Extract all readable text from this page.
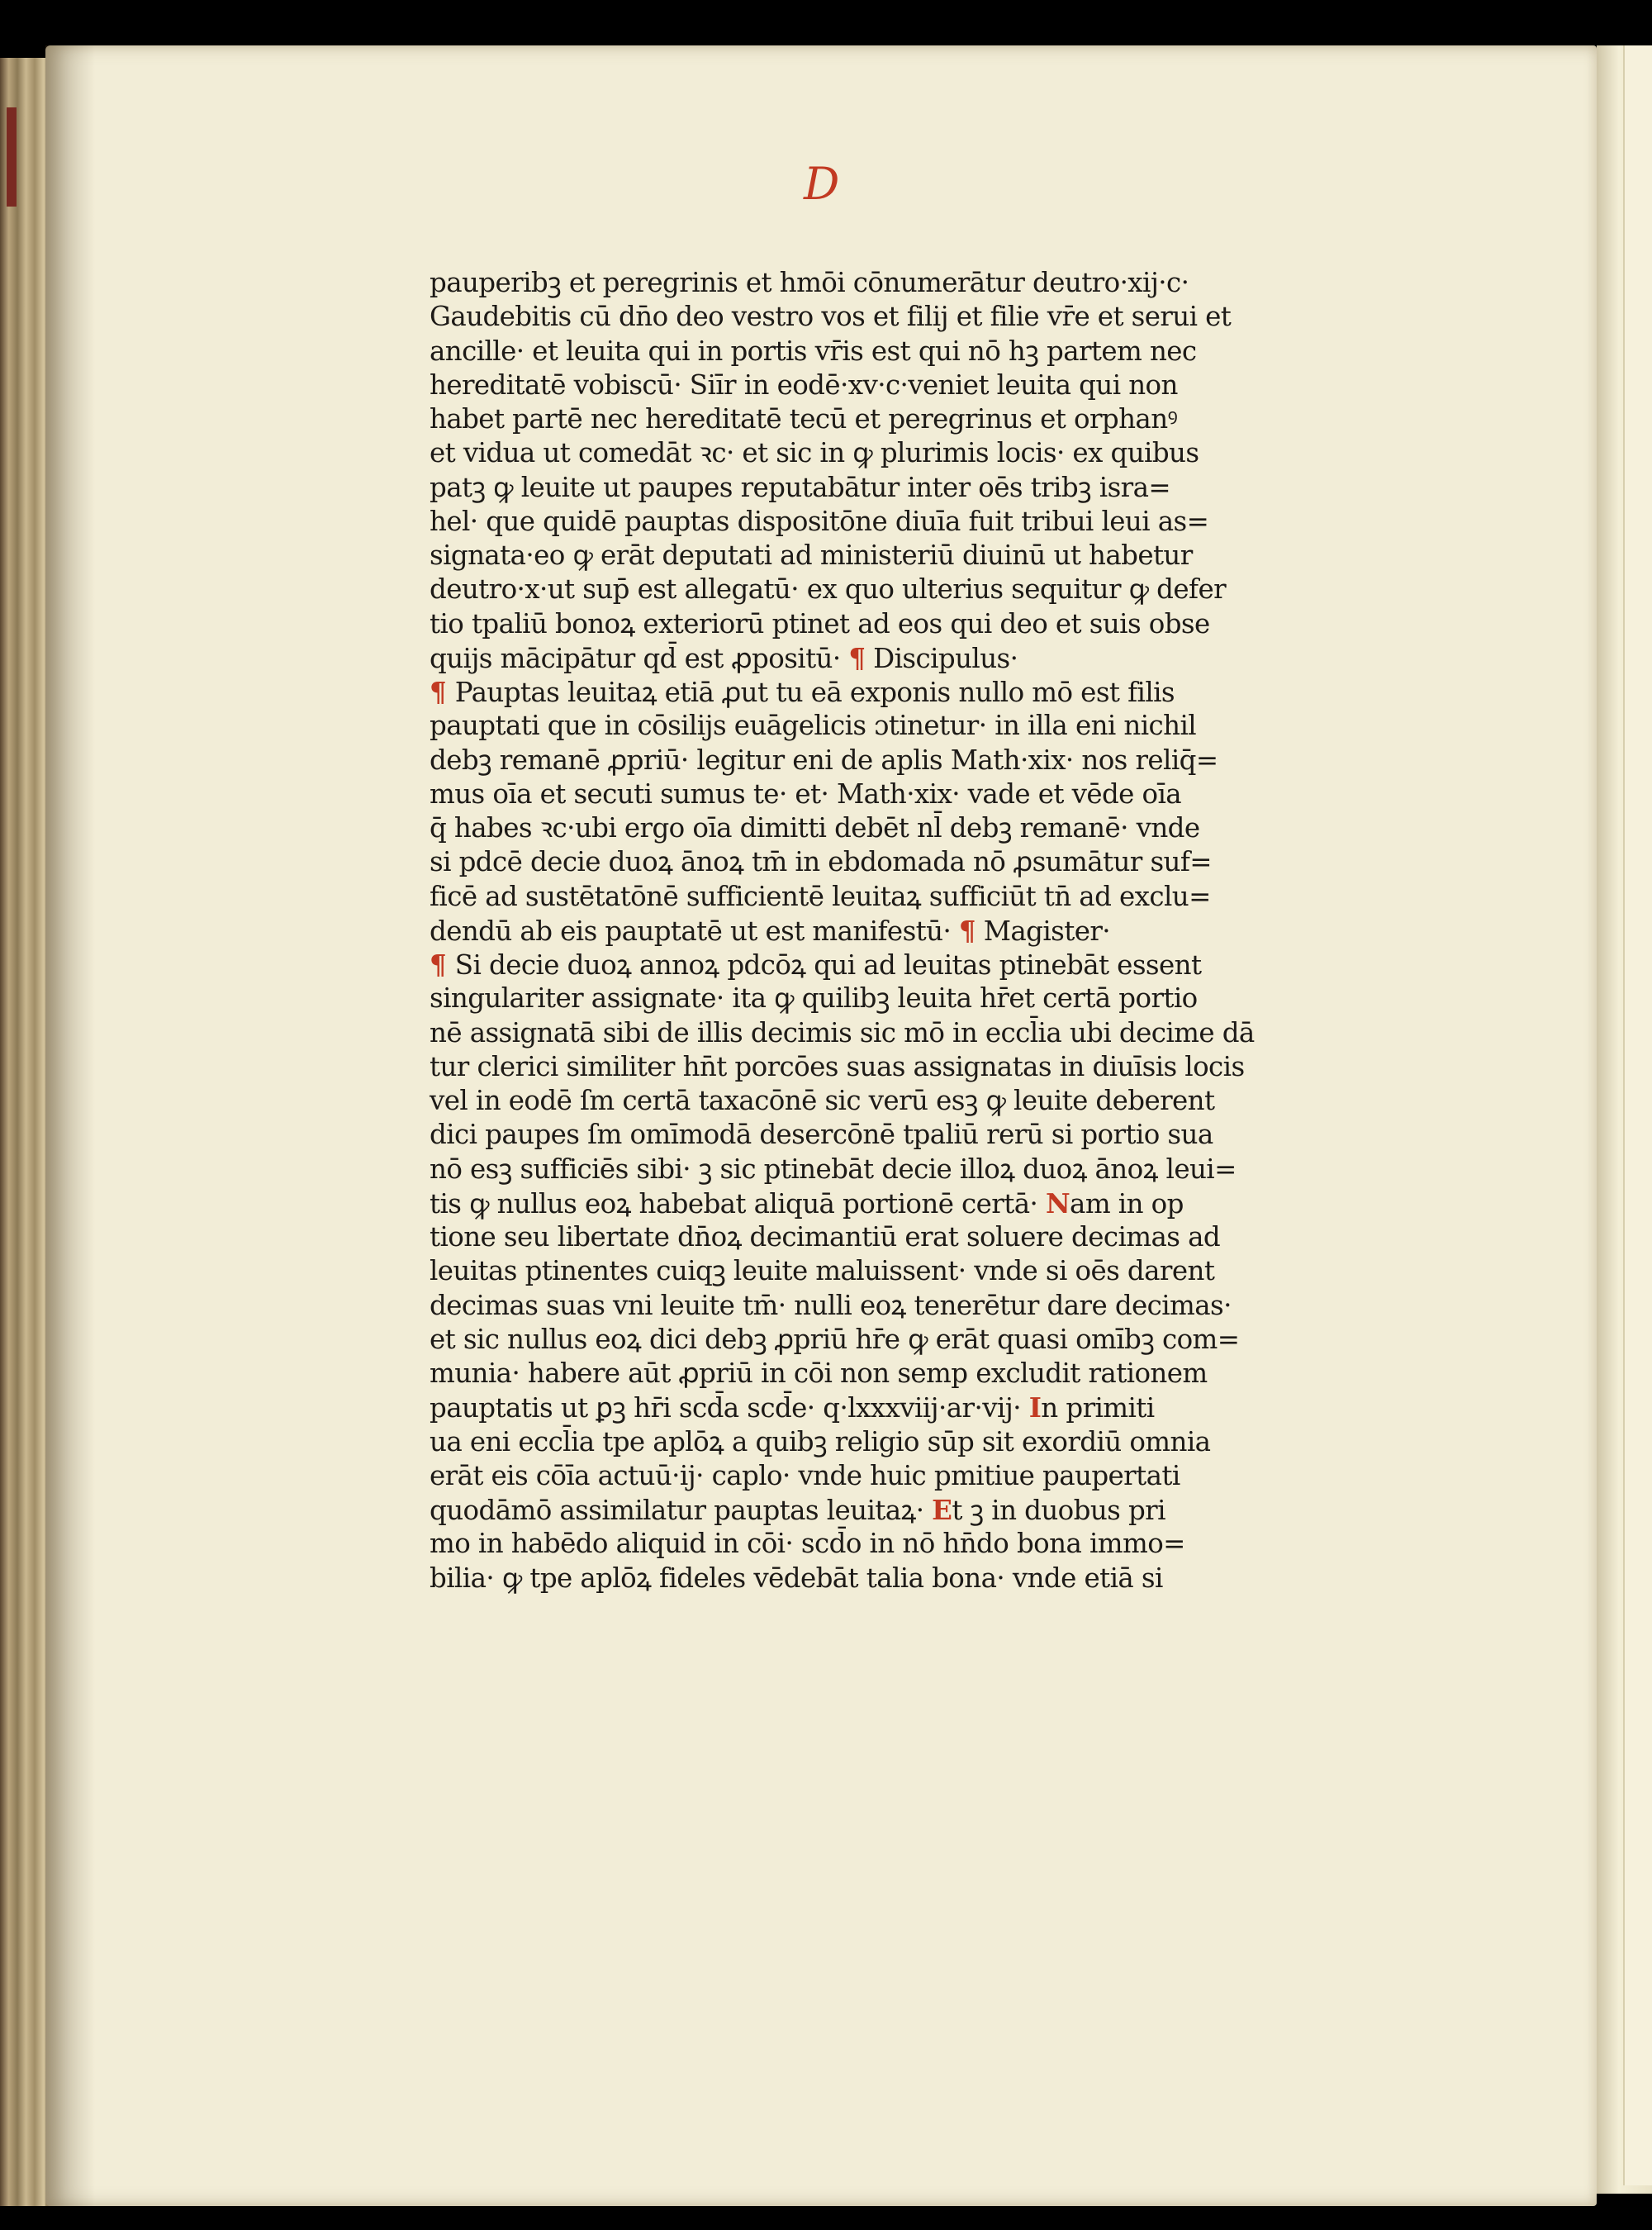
D
pauperibꝫ et peregrinis et hmōi cōnumerātur deutro·xij·c·
Gaudebitis cū dn̄o deo vestro vos et filij et filie vr̄e et serui et
ancille· et leuita qui in portis vr̄is est qui nō hꝫ partem nec
hereditatē vobiscū· Siīr in eodē·xv·c·veniet leuita qui non
habet partē nec hereditatē tecū et peregrinus et orphanꝰ
et vidua ut comedāt ꝛc· et sic in ꝙ plurimis locis· ex quibus
patꝫ ꝙ leuite ut paupes reputabātur inter oēs tribꝫ isra=
hel· que quidē pauptas dispositōne diuīa fuit tribui leui as=
signata·eo ꝙ erāt deputati ad ministeriū diuinū ut habetur
deutro·x·ut sup̄ est allegatū· ex quo ulterius sequitur ꝙ defer
tio tpaliū bonoꝝ exteriorū ptinet ad eos qui deo et suis obse
quijs mācipātur qd̄ est ꝓpositū· ¶ Discipulus·
¶ Pauptas leuitaꝝ etiā ꝓut tu eā exponis nullo mō est filis
pauptati que in cōsilijs euāgelicis ɔtinetur· in illa eni nichil
debꝫ remanē ꝓpriū· legitur eni de aplis Math·xix· nos reliq̄=
mus oīa et secuti sumus te· et· Math·xix· vade et vēde oīa
q̄ habes ꝛc·ubi ergo oīa dimitti debēt nl̄ debꝫ remanē· vnde
si pdcē decie duoꝝ ānoꝝ tm̄ in ebdomada nō ꝓsumātur suf=
ficē ad sustētatōnē sufficientē leuitaꝝ sufficiūt tn̄ ad exclu=
dendū ab eis pauptatē ut est manifestū· ¶ Magister·
¶ Si decie duoꝝ annoꝝ pdcōꝝ qui ad leuitas ptinebāt essent
singulariter assignate· ita ꝙ quilibꝫ leuita hr̄et certā portio
nē assignatā sibi de illis decimis sic mō in eccl̄ia ubi decime dā
tur clerici similiter hn̄t porcōes suas assignatas in diuīsis locis
vel in eodē ſm certā taxacōnē sic verū esꝫ ꝙ leuite deberent
dici paupes ſm omīmodā desercōnē tpaliū rerū si portio sua
nō esꝫ sufficiēs sibi· ꝫ sic ptinebāt decie illoꝝ duoꝝ ānoꝝ leui=
tis ꝙ nullus eoꝝ habebat aliquā portionē certā· Nam in op
tione seu libertate dn̄oꝝ decimantiū erat soluere decimas ad
leuitas ptinentes cuiqꝫ leuite maluissent· vnde si oēs darent
decimas suas vni leuite tm̄· nulli eoꝝ tenerētur dare decimas·
et sic nullus eoꝝ dici debꝫ ꝓpriū hr̄e ꝙ erāt quasi omībꝫ com=
munia· habere aūt ꝓpriū in cōi non semp excludit rationem
pauptatis ut ꝑꝫ hr̄i scd̄a scd̄e· q·lxxxviij·ar·vij· In primiti
ua eni eccl̄ia tpe aplōꝝ a quibꝫ religio sūp sit exordiū omnia
erāt eis cōīa actuū·ij· caplo· vnde huic pmitiue paupertati
quodāmō assimilatur pauptas leuitaꝝ· Et ꝫ in duobus pri
mo in habēdo aliquid in cōi· scd̄o in nō hn̄do bona immo=
bilia· ꝙ tpe aplōꝝ fideles vēdebāt talia bona· vnde etiā si
